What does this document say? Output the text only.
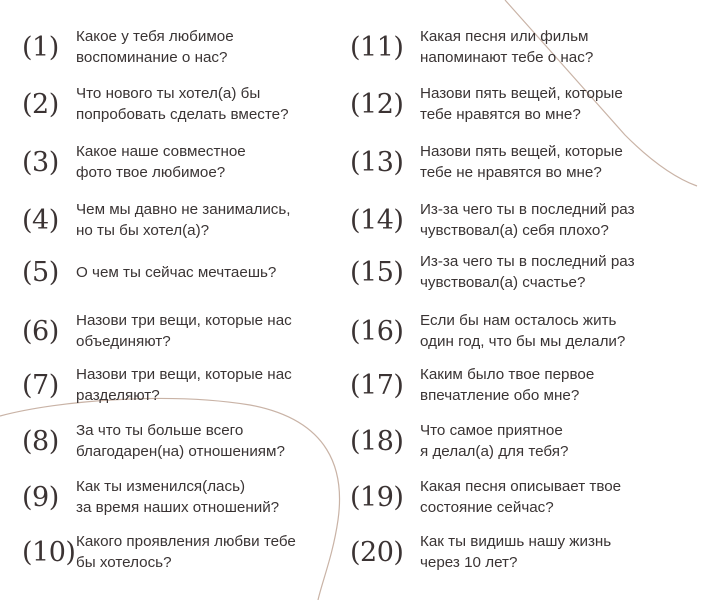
(1)	Какое у тебя любимое
воспоминание о нас?
(2)	Что нового ты хотел(а) бы
попробовать сделать вместе?
(3)	Какое наше совместное
фото твое любимое?
(4)	Чем мы давно не занимались,
но ты бы хотел(а)?
(5)	О чем ты сейчас мечтаешь?
(6)	Назови три вещи, которые нас
объединяют?
(7)	Назови три вещи, которые нас
разделяют?
(8)	За что ты больше всего
благодарен(на) отношениям?
(9)	Как ты изменился(лась)
за время наших отношений?
(10) Какого проявления любви тебе
бы хотелось?
(11)	Какая песня или фильм
напоминают тебе о нас?
(12)	Назови пять вещей, которые
тебе нравятся во мне?
(13)	Назови пять вещей, которые
тебе не нравятся во мне?
(14)	Из-за чего ты в последний раз
чувствовал(а) себя плохо?
(15)	Из-за чего ты в последний раз
чувствовал(а) счастье?
(16)	Если бы нам осталось жить
один год, что бы мы делали?
(17)	Каким было твое первое
впечатление обо мне?
(18)	Что самое приятное
я делал(а) для тебя?
(19)	Какая песня описывает твое
состояние сейчас?
(20)	Как ты видишь нашу жизнь
через 10 лет?
